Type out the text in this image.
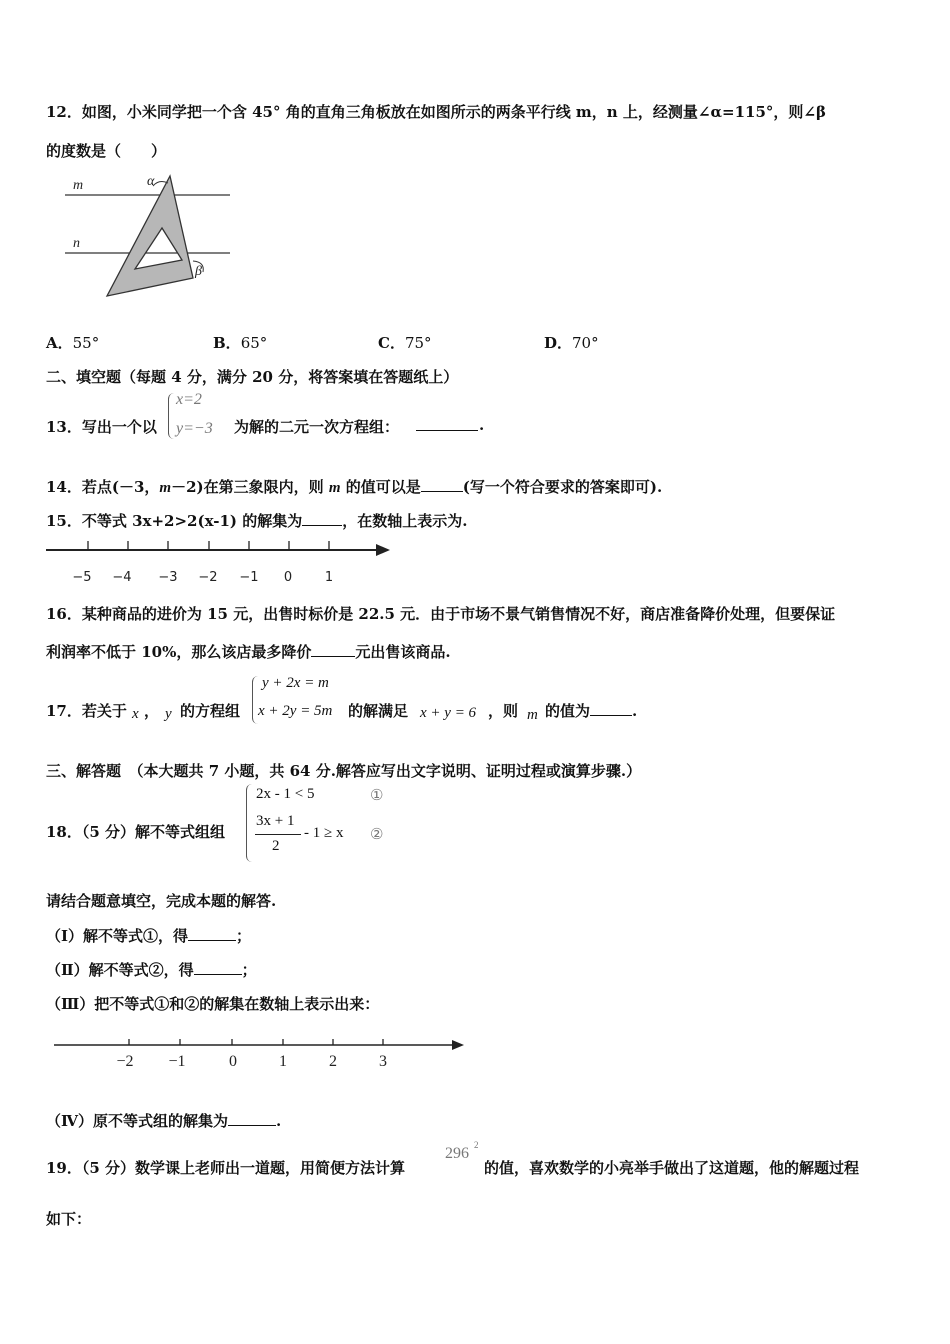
12．如图，小米同学把一个含 45° 角的直角三角板放在如图所示的两条平行线 m，n 上，经测量∠α=115°，则∠β
的度数是（　　）
m
n
α
β
A．55°	B．65°	C．75°	D．70°
二、填空题（每题 4 分，满分 20 分，将答案填在答题纸上）
13．写出一个以
x=2
y=−3 为解的二元一次方程组：	.
14．若点(－3，m－2)在第三象限内，则 m 的值可以是	(写一个符合要求的答案即可).
15．不等式 3x+2>2(x-1) 的解集为	，在数轴上表示为.
−5 −4 −3 −2 −1 0	1
16．某种商品的进价为 15 元，出售时标价是 22.5 元．由于市场不景气销售情况不好，商店准备降价处理，但要保证
利润率不低于 10%，那么该店最多降价	元出售该商品.
17．若关于 x ， y 的方程组
y + 2x = m
x + 2y = 5m 的解满足 x + y = 6 ，则 m 的值为	.
三、解答题　（本大题共 7 小题，共 64 分.解答应写出文字说明、证明过程或演算步骤.）
18．（5 分）解不等式组组
2x - 1 < 5	①
3x + 1
2
- 1 ≥ x ②
请结合题意填空，完成本题的解答.
（Ⅰ）解不等式①，得	；
（Ⅱ）解不等式②，得	；
（Ⅲ）把不等式①和②的解集在数轴上表示出来：
−2 −1	0	1	2	3
（Ⅳ）原不等式组的解集为	.
19．（5 分）数学课上老师出一道题，用简便方法计算
296 2
的值，喜欢数学的小亮举手做出了这道题，他的解题过程
如下：
